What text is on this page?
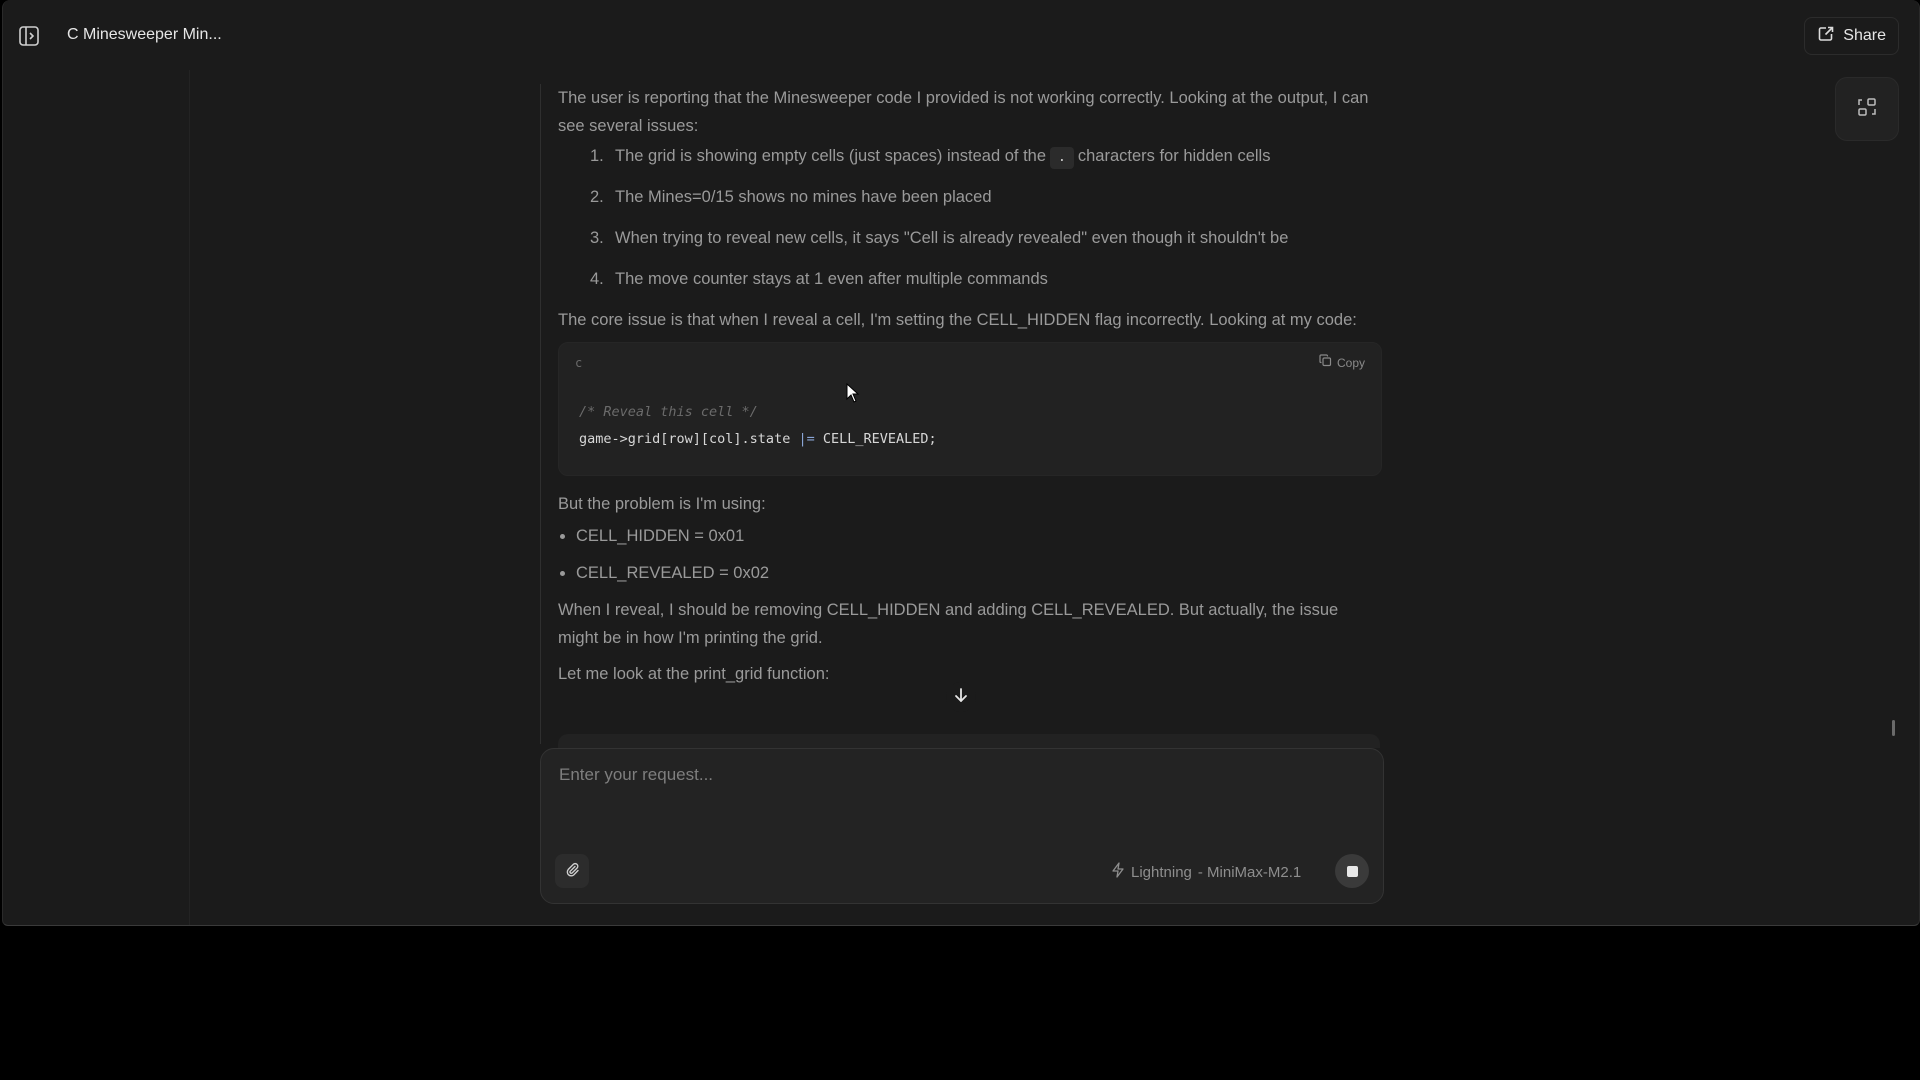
C Minesweeper Min...	Share

The user is reporting that the Minesweeper code I provided is not working correctly. Looking at the output, I can see several issues:

1. The grid is showing empty cells (just spaces) instead of the . characters for hidden cells
2. The Mines=0/15 shows no mines have been placed
3. When trying to reveal new cells, it says "Cell is already revealed" even though it shouldn't be
4. The move counter stays at 1 even after multiple commands

The core issue is that when I reveal a cell, I'm setting the CELL_HIDDEN flag incorrectly. Looking at my code:

c	Copy
/* Reveal this cell */
game->grid[row][col].state |= CELL_REVEALED;

But the problem is I'm using:

CELL_HIDDEN = 0x01
CELL_REVEALED = 0x02

When I reveal, I should be removing CELL_HIDDEN and adding CELL_REVEALED. But actually, the issue might be in how I'm printing the grid.

Let me look at the print_grid function:

Enter your request...
Lightning - MiniMax-M2.1
